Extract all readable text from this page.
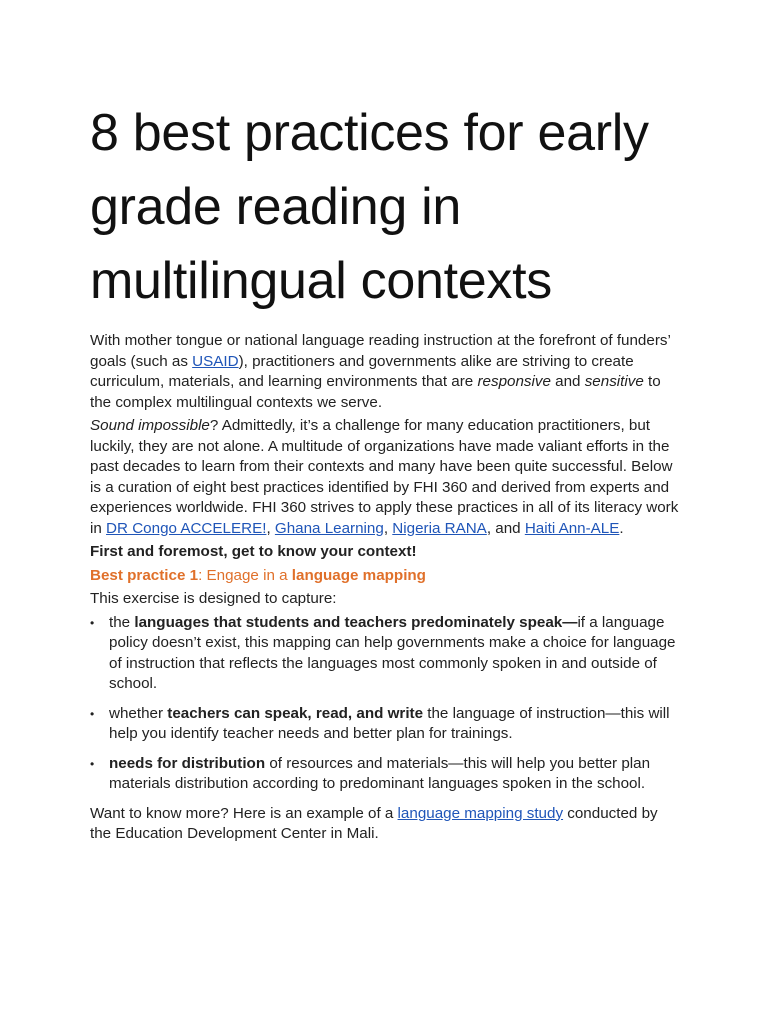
8 best practices for early grade reading in multilingual contexts

With mother tongue or national language reading instruction at the forefront of funders’ goals (such as USAID), practitioners and governments alike are striving to create curriculum, materials, and learning environments that are responsive and sensitive to the complex multilingual contexts we serve.

Sound impossible? Admittedly, it’s a challenge for many education practitioners, but luckily, they are not alone. A multitude of organizations have made valiant efforts in the past decades to learn from their contexts and many have been quite successful. Below is a curation of eight best practices identified by FHI 360 and derived from experts and experiences worldwide. FHI 360 strives to apply these practices in all of its literacy work in DR Congo ACCELERE!, Ghana Learning, Nigeria RANA, and Haiti Ann-ALE.

First and foremost, get to know your context!

Best practice 1: Engage in a language mapping

This exercise is designed to capture:

• the languages that students and teachers predominately speak—if a language policy doesn’t exist, this mapping can help governments make a choice for language of instruction that reflects the languages most commonly spoken in and outside of school.
• whether teachers can speak, read, and write the language of instruction—this will help you identify teacher needs and better plan for trainings.
• needs for distribution of resources and materials—this will help you better plan materials distribution according to predominant languages spoken in the school.

Want to know more? Here is an example of a language mapping study conducted by the Education Development Center in Mali.
